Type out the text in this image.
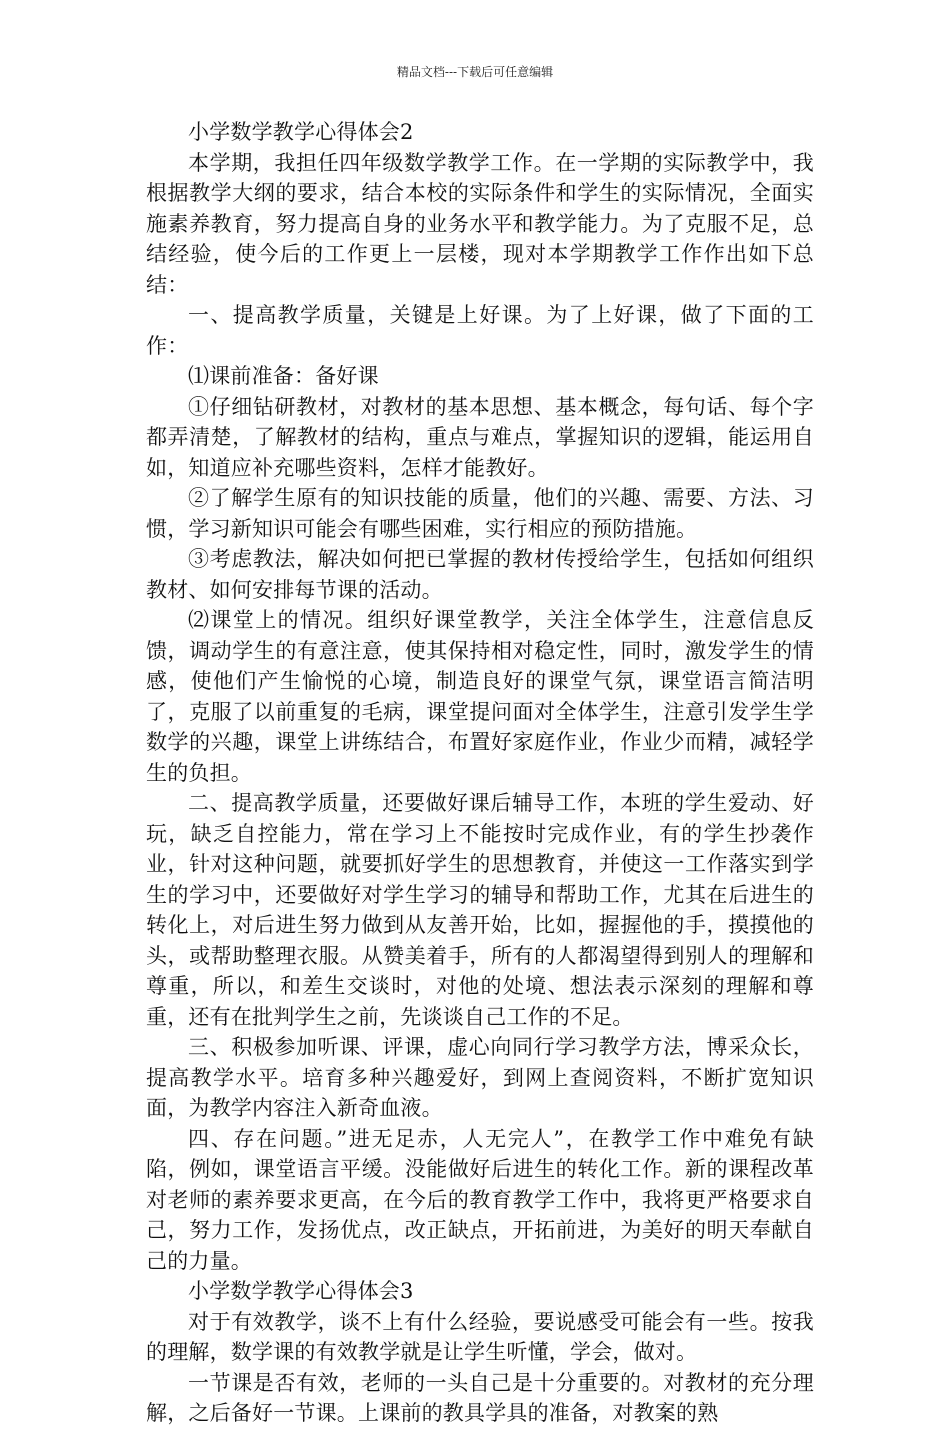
精品文档---下载后可任意编辑

小学数学教学心得体会2

本学期，我担任四年级数学教学工作。在一学期的实际教学中，我根据教学大纲的要求，结合本校的实际条件和学生的实际情况，全面实施素养教育，努力提高自身的业务水平和教学能力。为了克服不足，总结经验，使今后的工作更上一层楼，现对本学期教学工作作出如下总结：

一、提高教学质量，关键是上好课。为了上好课，做了下面的工作：

⑴课前准备：备好课

①仔细钻研教材，对教材的基本思想、基本概念，每句话、每个字都弄清楚，了解教材的结构，重点与难点，掌握知识的逻辑，能运用自如，知道应补充哪些资料，怎样才能教好。

②了解学生原有的知识技能的质量，他们的兴趣、需要、方法、习惯，学习新知识可能会有哪些困难，实行相应的预防措施。

③考虑教法，解决如何把已掌握的教材传授给学生，包括如何组织教材、如何安排每节课的活动。

⑵课堂上的情况。组织好课堂教学，关注全体学生，注意信息反馈，调动学生的有意注意，使其保持相对稳定性，同时，激发学生的情感，使他们产生愉悦的心境，制造良好的课堂气氛，课堂语言简洁明了，克服了以前重复的毛病，课堂提问面对全体学生，注意引发学生学数学的兴趣，课堂上讲练结合，布置好家庭作业，作业少而精，减轻学生的负担。

二、提高教学质量，还要做好课后辅导工作，本班的学生爱动、好玩，缺乏自控能力，常在学习上不能按时完成作业，有的学生抄袭作业，针对这种问题，就要抓好学生的思想教育，并使这一工作落实到学生的学习中，还要做好对学生学习的辅导和帮助工作，尤其在后进生的转化上，对后进生努力做到从友善开始，比如，握握他的手，摸摸他的头，或帮助整理衣服。从赞美着手，所有的人都渴望得到别人的理解和尊重，所以，和差生交谈时，对他的处境、想法表示深刻的理解和尊重，还有在批判学生之前，先谈谈自己工作的不足。

三、积极参加听课、评课，虚心向同行学习教学方法，博采众长，提高教学水平。培育多种兴趣爱好，到网上查阅资料，不断扩宽知识面，为教学内容注入新奇血液。

四、存在问题。”进无足赤，人无完人”，在教学工作中难免有缺陷，例如，课堂语言平缓。没能做好后进生的转化工作。新的课程改革对老师的素养要求更高，在今后的教育教学工作中，我将更严格要求自己，努力工作，发扬优点，改正缺点，开拓前进，为美好的明天奉献自己的力量。

小学数学教学心得体会3

对于有效教学，谈不上有什么经验，要说感受可能会有一些。按我的理解，数学课的有效教学就是让学生听懂，学会，做对。

一节课是否有效，老师的一头自己是十分重要的。对教材的充分理解，之后备好一节课。上课前的教具学具的准备，对教案的熟
